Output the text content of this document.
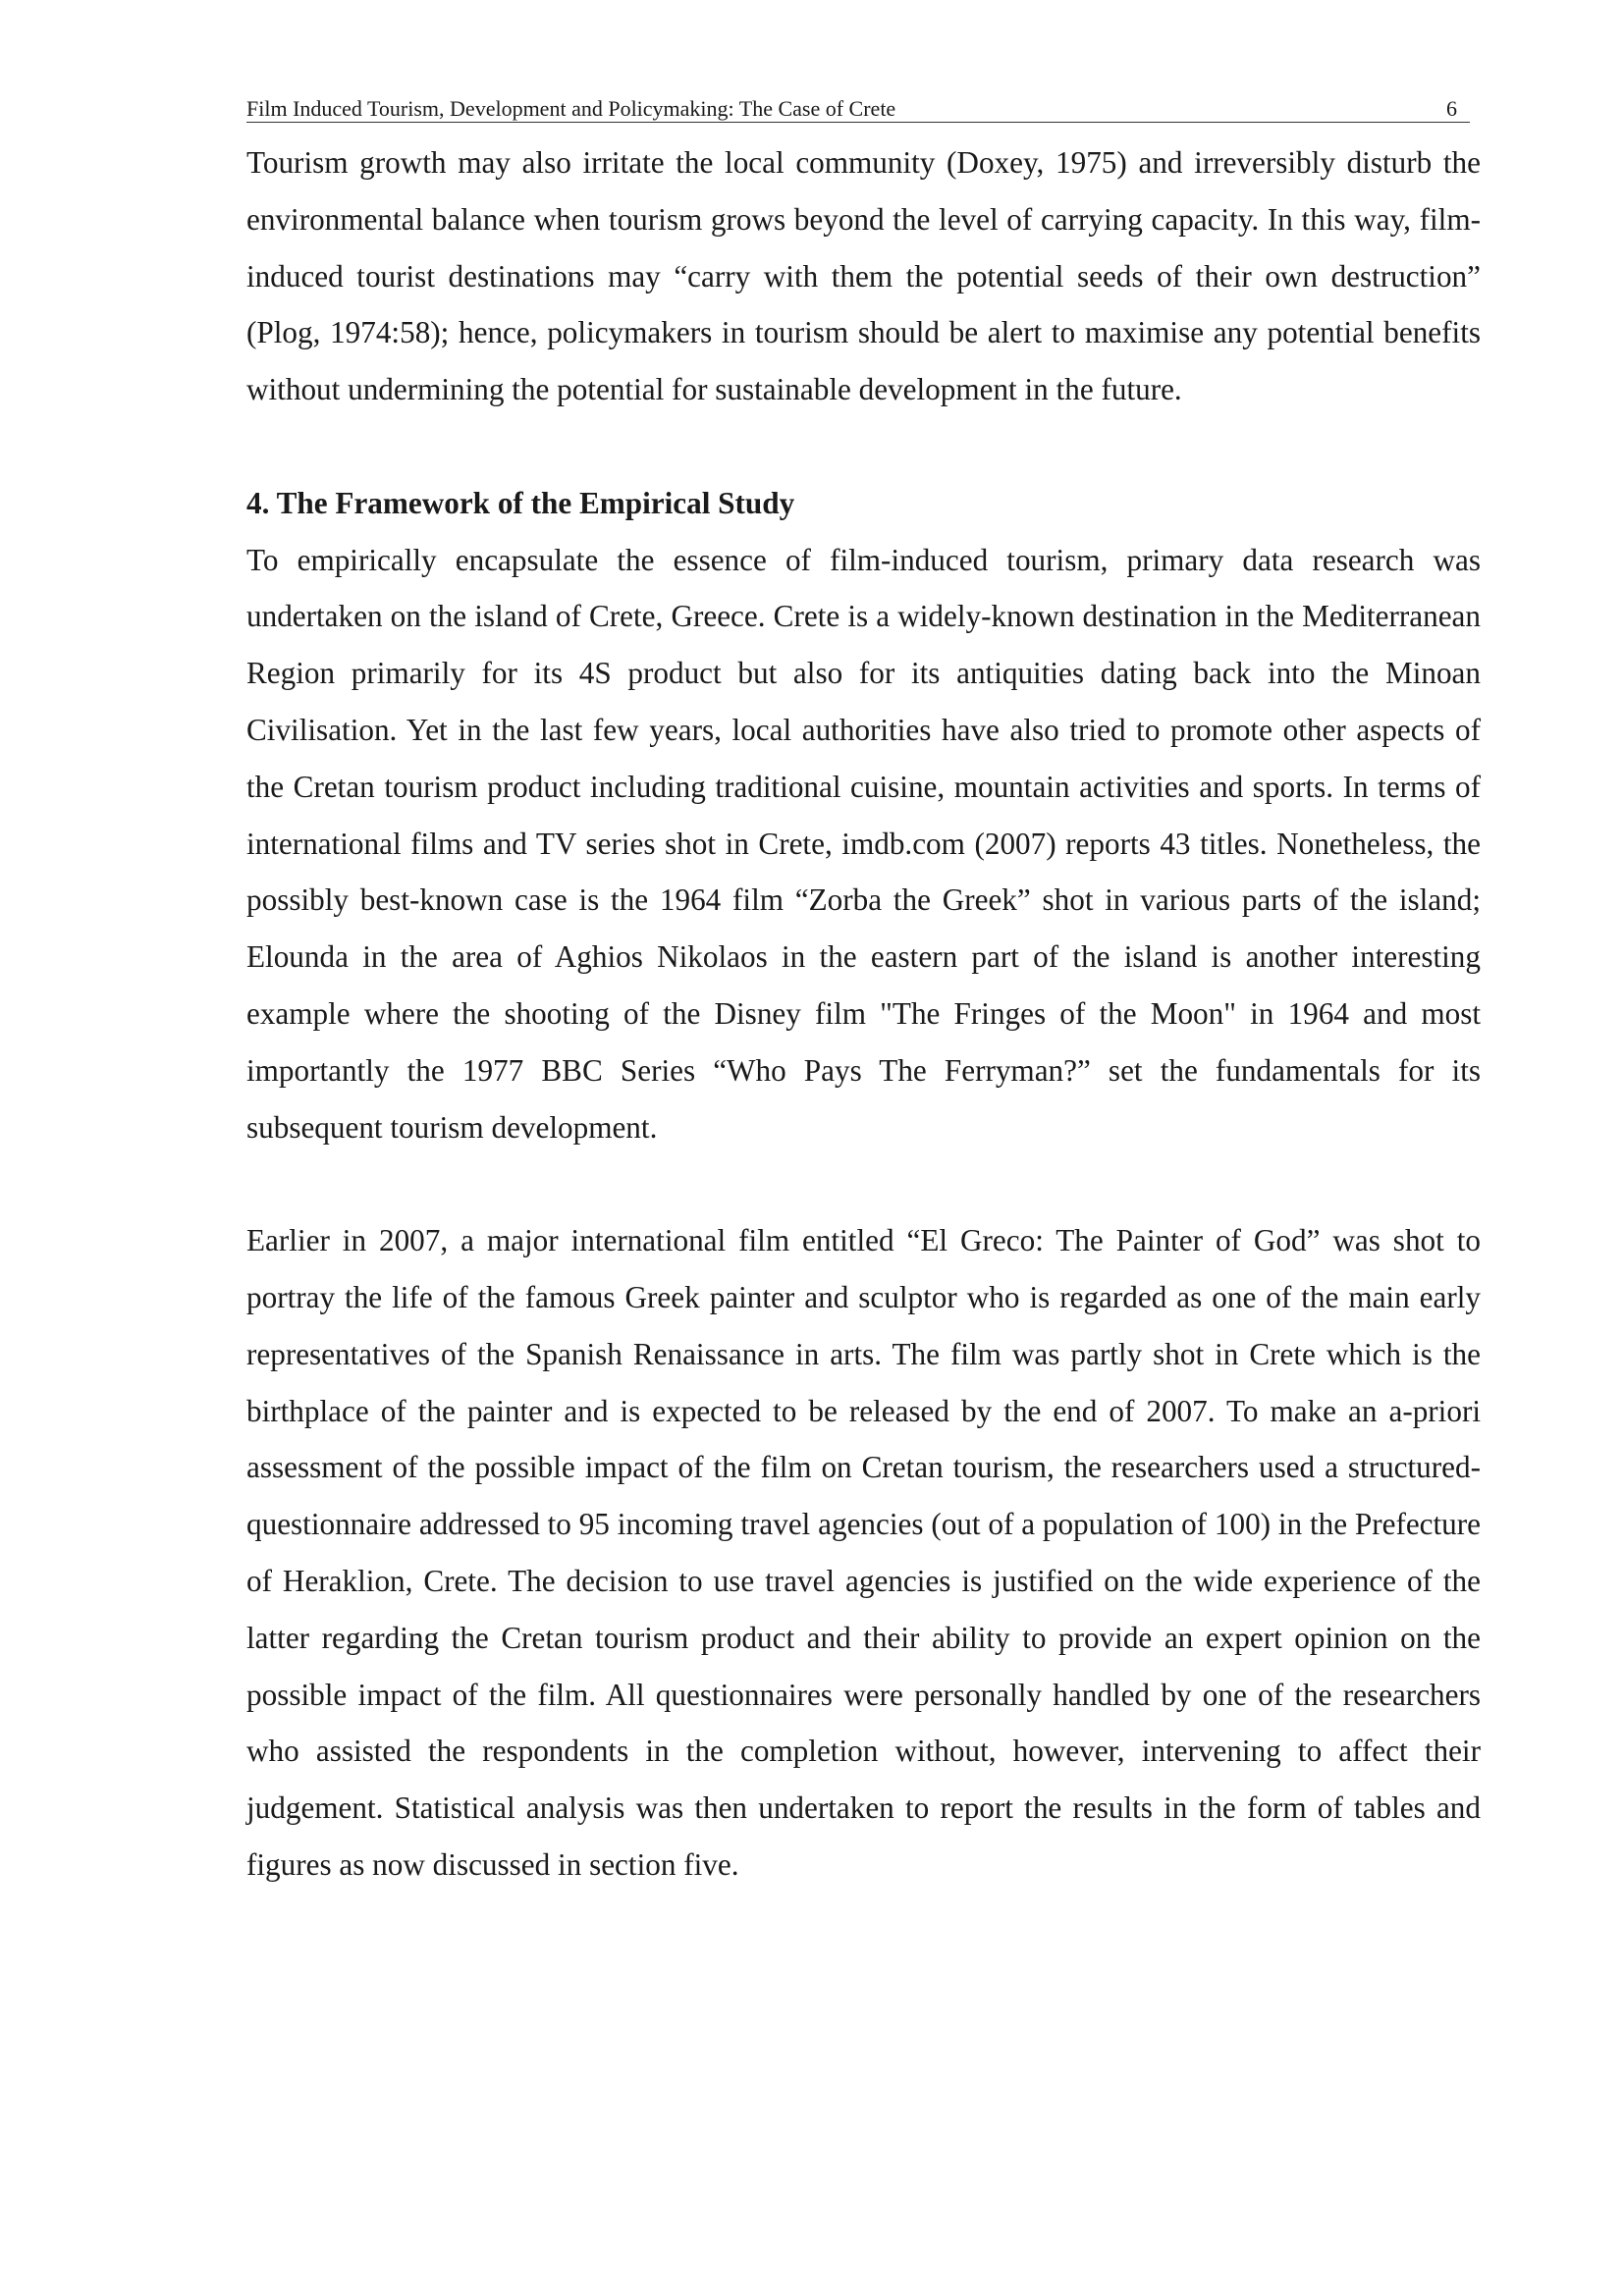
Film Induced Tourism, Development and Policymaking: The Case of Crete	6

Tourism growth may also irritate the local community (Doxey, 1975) and irreversibly disturb the environmental balance when tourism grows beyond the level of carrying capacity. In this way, film-induced tourist destinations may “carry with them the potential seeds of their own destruction” (Plog, 1974:58); hence, policymakers in tourism should be alert to maximise any potential benefits without undermining the potential for sustainable development in the future.

4. The Framework of the Empirical Study

To empirically encapsulate the essence of film-induced tourism, primary data research was undertaken on the island of Crete, Greece. Crete is a widely-known destination in the Mediterranean Region primarily for its 4S product but also for its antiquities dating back into the Minoan Civilisation. Yet in the last few years, local authorities have also tried to promote other aspects of the Cretan tourism product including traditional cuisine, mountain activities and sports. In terms of international films and TV series shot in Crete, imdb.com (2007) reports 43 titles. Nonetheless, the possibly best-known case is the 1964 film “Zorba the Greek” shot in various parts of the island; Elounda in the area of Aghios Nikolaos in the eastern part of the island is another interesting example where the shooting of the Disney film "The Fringes of the Moon" in 1964 and most importantly the 1977 BBC Series “Who Pays The Ferryman?” set the fundamentals for its subsequent tourism development.

Earlier in 2007, a major international film entitled “El Greco: The Painter of God” was shot to portray the life of the famous Greek painter and sculptor who is regarded as one of the main early representatives of the Spanish Renaissance in arts. The film was partly shot in Crete which is the birthplace of the painter and is expected to be released by the end of 2007. To make an a-priori assessment of the possible impact of the film on Cretan tourism, the researchers used a structured-questionnaire addressed to 95 incoming travel agencies (out of a population of 100) in the Prefecture of Heraklion, Crete. The decision to use travel agencies is justified on the wide experience of the latter regarding the Cretan tourism product and their ability to provide an expert opinion on the possible impact of the film. All questionnaires were personally handled by one of the researchers who assisted the respondents in the completion without, however, intervening to affect their judgement. Statistical analysis was then undertaken to report the results in the form of tables and figures as now discussed in section five.
